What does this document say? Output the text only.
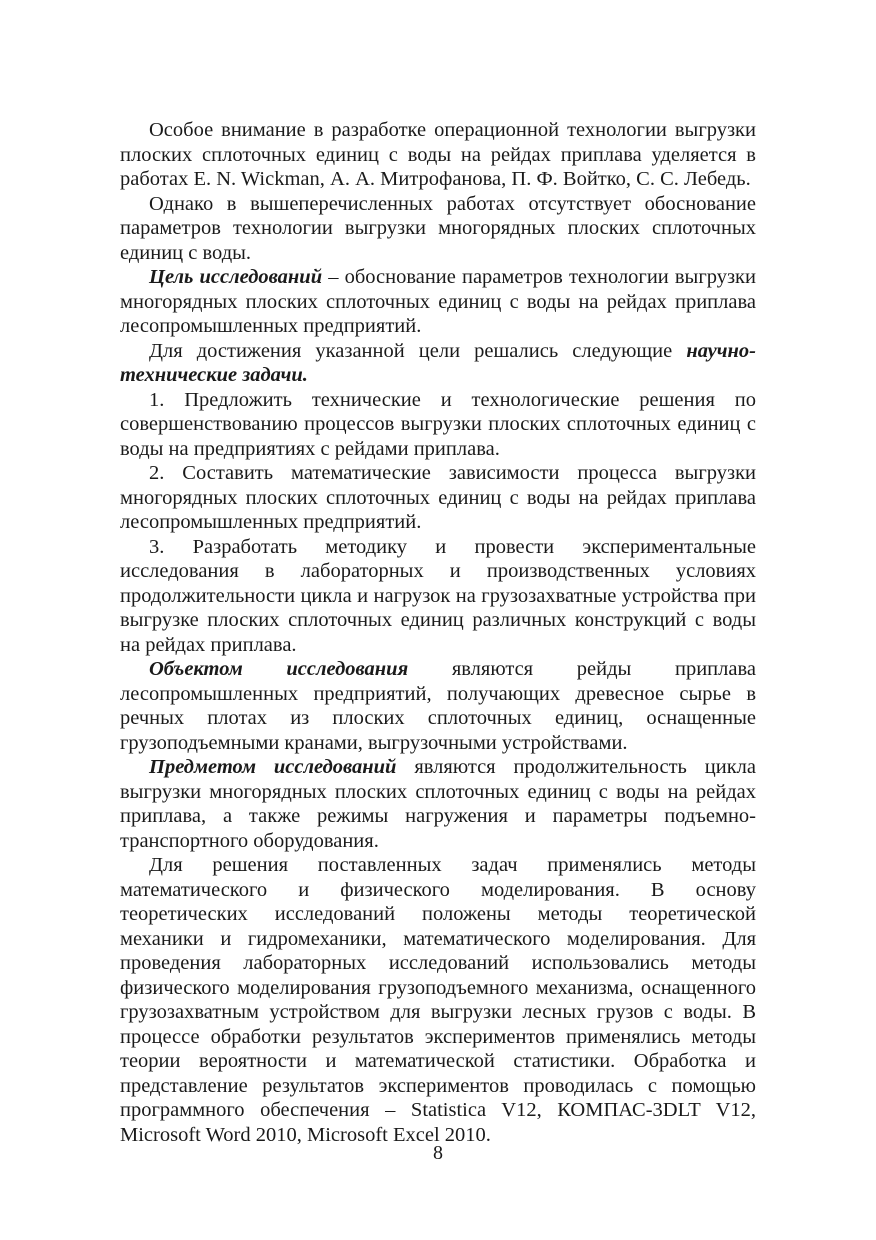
Особое внимание в разработке операционной технологии выгрузки плоских сплоточных единиц с воды на рейдах приплава уделяется в работах E. N. Wickman, А. А. Митрофанова, П. Ф. Войтко, С. С. Лебедь.

Однако в вышеперечисленных работах отсутствует обоснование параметров технологии выгрузки многорядных плоских сплоточных единиц с воды.

Цель исследований – обоснование параметров технологии выгрузки многорядных плоских сплоточных единиц с воды на рейдах приплава лесопромышленных предприятий.

Для достижения указанной цели решались следующие научно-технические задачи.

1. Предложить технические и технологические решения по совершенствованию процессов выгрузки плоских сплоточных единиц с воды на предприятиях с рейдами приплава.

2. Составить математические зависимости процесса выгрузки многорядных плоских сплоточных единиц с воды на рейдах приплава лесопромышленных предприятий.

3. Разработать методику и провести экспериментальные исследования в лабораторных и производственных условиях продолжительности цикла и нагрузок на грузозахватные устройства при выгрузке плоских сплоточных единиц различных конструкций с воды на рейдах приплава.

Объектом исследования являются рейды приплава лесопромышленных предприятий, получающих древесное сырье в речных плотах из плоских сплоточных единиц, оснащенные грузоподъемными кранами, выгрузочными устройствами.

Предметом исследований являются продолжительность цикла выгрузки многорядных плоских сплоточных единиц с воды на рейдах приплава, а также режимы нагружения и параметры подъемно-транспортного оборудования.

Для решения поставленных задач применялись методы математического и физического моделирования. В основу теоретических исследований положены методы теоретической механики и гидромеханики, математического моделирования. Для проведения лабораторных исследований использовались методы физического моделирования грузоподъемного механизма, оснащенного грузозахватным устройством для выгрузки лесных грузов с воды. В процессе обработки результатов экспериментов применялись методы теории вероятности и математической статистики. Обработка и представление результатов экспериментов проводилась с помощью программного обеспечения – Statistica V12, КОМПАС-3DLT V12, Microsoft Word 2010, Microsoft Excel 2010.

8
